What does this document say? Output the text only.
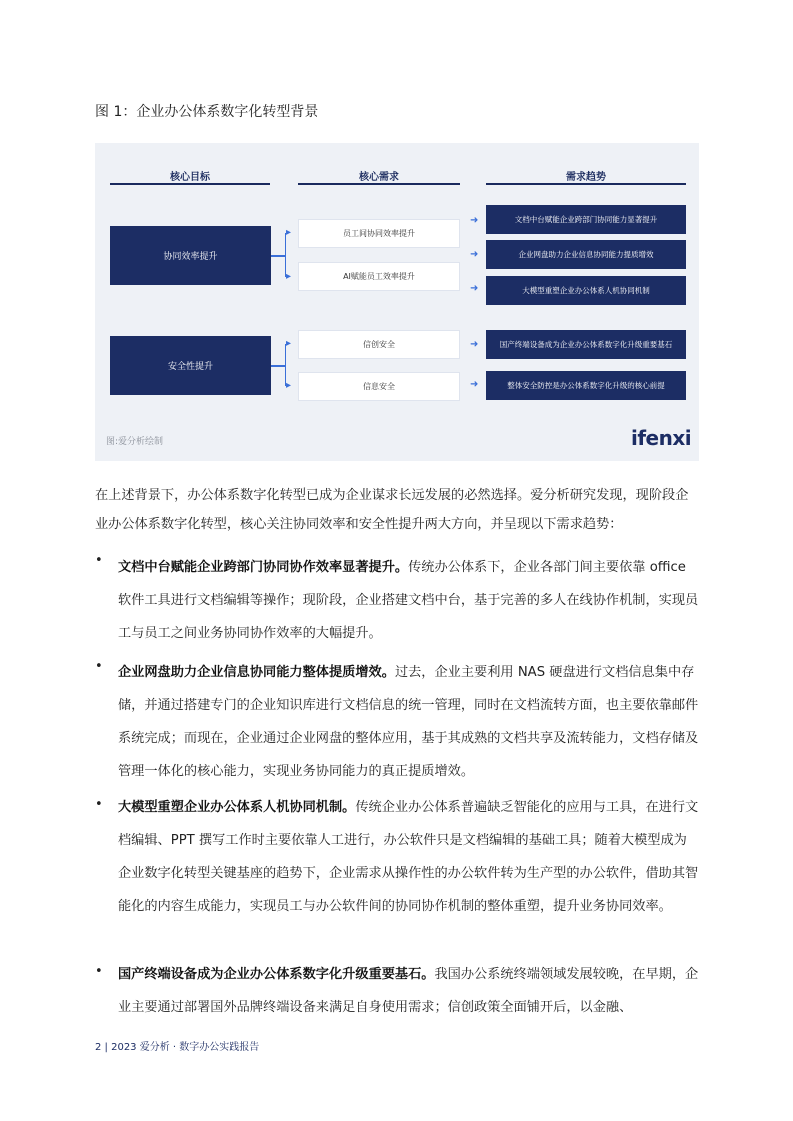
图 1：企业办公体系数字化转型背景
核心目标	核心需求	需求趋势
协同效率提升
安全性提升
▸
▸
▸
▸
员工间协同效率提升
AI赋能员工效率提升
信创安全
信息安全
➜
➜
➜
➜
➜
文档中台赋能企业跨部门协同能力显著提升
企业网盘助力企业信息协同能力提质增效
大模型重塑企业办公体系人机协同机制
国产终端设备成为企业办公体系数字化升级重要基石
整体安全防控是办公体系数字化升级的核心前提
图:爱分析绘制	ifenxi
在上述背景下，办公体系数字化转型已成为企业谋求长远发展的必然选择。爱分析研究发现，现阶段企业办公体系数字化转型，核心关注协同效率和安全性提升两大方向，并呈现以下需求趋势：
• 文档中台赋能企业跨部门协同协作效率显著提升。传统办公体系下，企业各部门间主要依靠 office 软件工具进行文档编辑等操作；现阶段，企业搭建文档中台，基于完善的多人在线协作机制，实现员工与员工之间业务协同协作效率的大幅提升。
• 企业网盘助力企业信息协同能力整体提质增效。过去，企业主要利用 NAS 硬盘进行文档信息集中存储，并通过搭建专门的企业知识库进行文档信息的统一管理，同时在文档流转方面，也主要依靠邮件系统完成；而现在，企业通过企业网盘的整体应用，基于其成熟的文档共享及流转能力，文档存储及管理一体化的核心能力，实现业务协同能力的真正提质增效。
• 大模型重塑企业办公体系人机协同机制。传统企业办公体系普遍缺乏智能化的应用与工具，在进行文档编辑、PPT 撰写工作时主要依靠人工进行，办公软件只是文档编辑的基础工具；随着大模型成为企业数字化转型关键基座的趋势下，企业需求从操作性的办公软件转为生产型的办公软件，借助其智能化的内容生成能力，实现员工与办公软件间的协同协作机制的整体重塑，提升业务协同效率。
• 国产终端设备成为企业办公体系数字化升级重要基石。我国办公系统终端领域发展较晚，在早期，企业主要通过部署国外品牌终端设备来满足自身使用需求；信创政策全面铺开后，以金融、
2 | 2023 爱分析 · 数字办公实践报告
